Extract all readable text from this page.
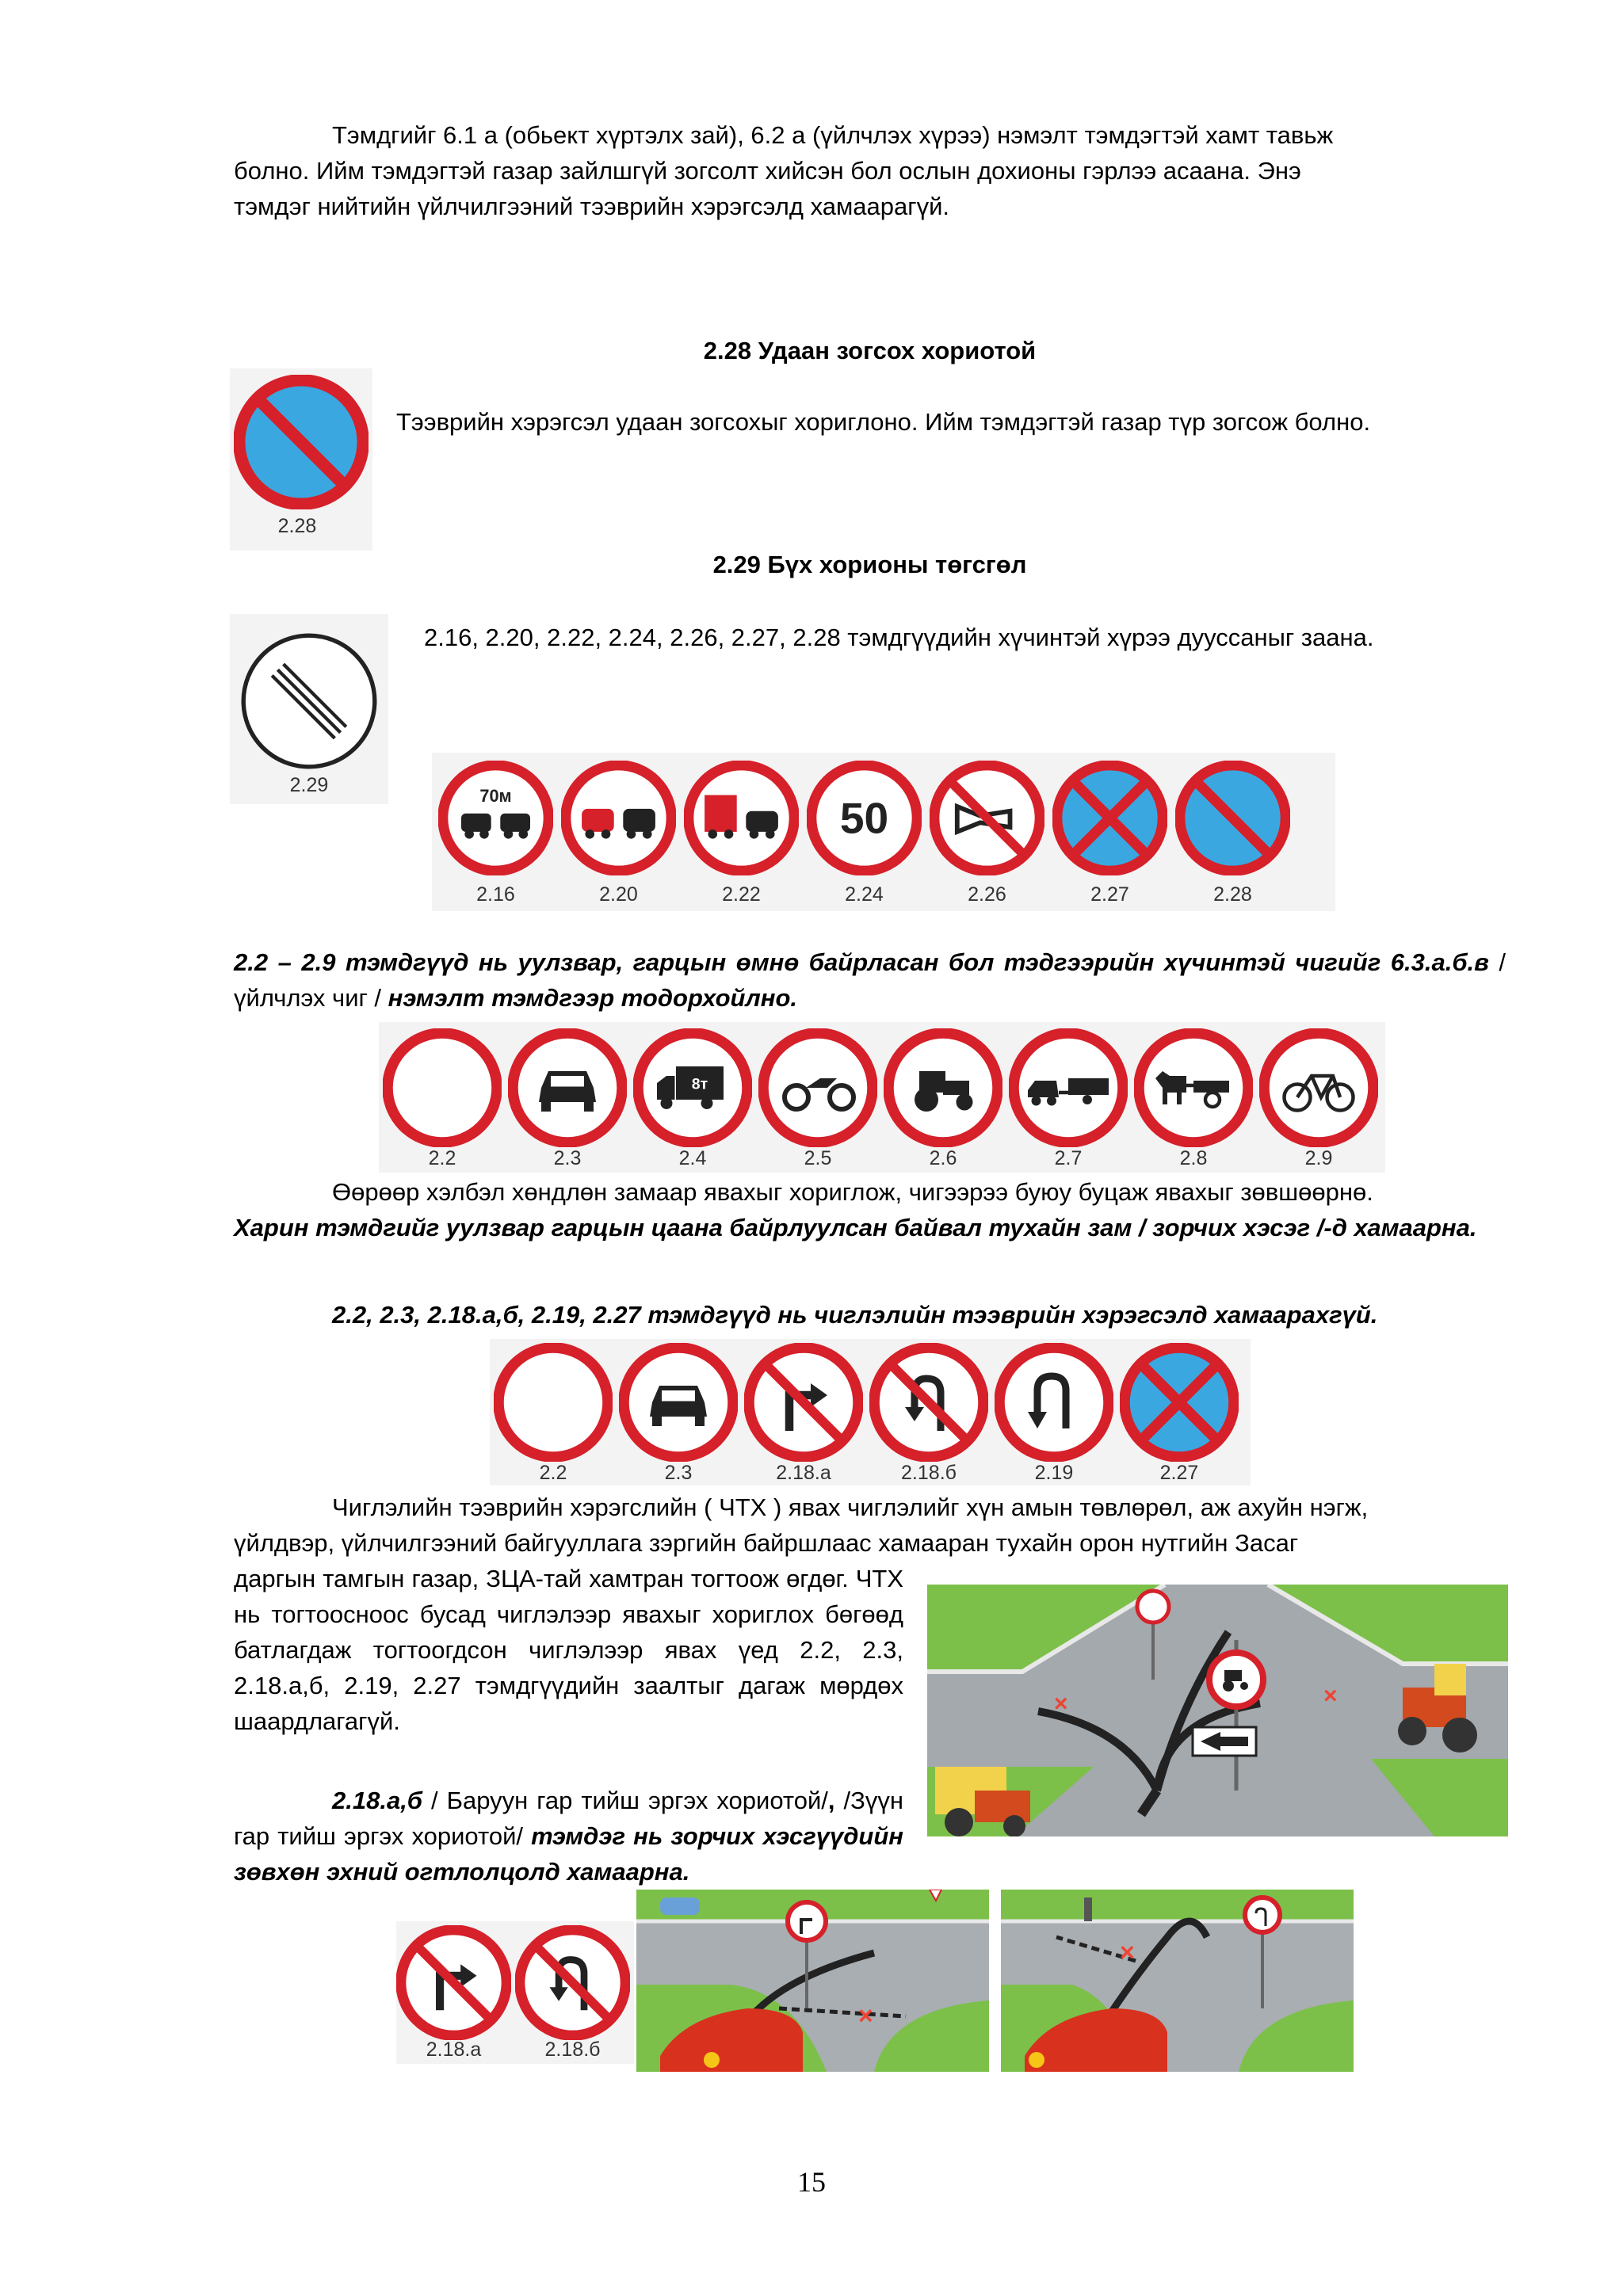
Тэмдгийг 6.1 а (обьект хүртэлх зай), 6.2 а (үйлчлэх хүрээ) нэмэлт тэмдэгтэй хамт тавьж
болно. Ийм тэмдэгтэй газар зайлшгүй зогсолт хийсэн бол ослын дохионы гэрлээ асаана. Энэ
тэмдэг нийтийн үйлчилгээний тээврийн хэрэгсэлд хамаарагүй.
2.28 Удаан зогсох хориотой
2.28
Тээврийн хэрэгсэл удаан зогсохыг хориглоно. Ийм тэмдэгтэй газар түр зогсож болно.
2.29 Бүх хорионы төгсгөл
2.29
2.16, 2.20, 2.22, 2.24, 2.26, 2.27, 2.28 тэмдгүүдийн хүчинтэй хүрээ дууссаныг заана.
70м	50
2.16	2.20	2.22	2.24	2.26	2.27	2.28
2.2 – 2.9 тэмдгүүд нь уулзвар, гарцын өмнө байрласан бол тэдгээрийн хүчинтэй чигийг 6.3.а.б.в / үйлчлэх чиг / нэмэлт тэмдгээр тодорхойлно.
8т
2.2	2.3	2.4	2.5	2.6	2.7	2.8	2.9
Өөрөөр хэлбэл хөндлөн замаар явахыг хориглож, чигээрээ буюу буцаж явахыг зөвшөөрнө.
Харин тэмдгийг уулзвар гарцын цаана байрлуулсан байвал тухайн зам / зорчих хэсэг /-д хамаарна.
2.2, 2.3, 2.18.а,б, 2.19, 2.27 тэмдгүүд нь чиглэлийн тээврийн хэрэгсэлд хамаарахгүй.
2.2	2.3	2.18.а	2.18.б	2.19	2.27
Чиглэлийн тээврийн хэрэгслийн ( ЧТХ ) явах чиглэлийг хүн амын төвлөрөл, аж ахуйн нэгж,
үйлдвэр, үйлчилгээний байгууллага зэргийн байршлаас хамааран тухайн орон нутгийн Засаг
даргын тамгын газар, ЗЦА-тай хамтран тогтоож өгдөг. ЧТХ нь тогтоосноос бусад чиглэлээр явахыг хориглох бөгөөд батлагдаж тогтоогдсон чиглэлээр явах үед 2.2, 2.3, 2.18.а,б, 2.19, 2.27 тэмдгүүдийн заалтыг дагаж мөрдөх шаардлагагүй.
×	×
2.18.а,б / Баруун гар тийш эргэх хориотой/, /Зүүн гар тийш эргэх хориотой/ тэмдэг нь зорчих хэсгүүдийн зөвхөн эхний огтлолцолд хамаарна.
2.18.а	2.18.б
×
×
15
